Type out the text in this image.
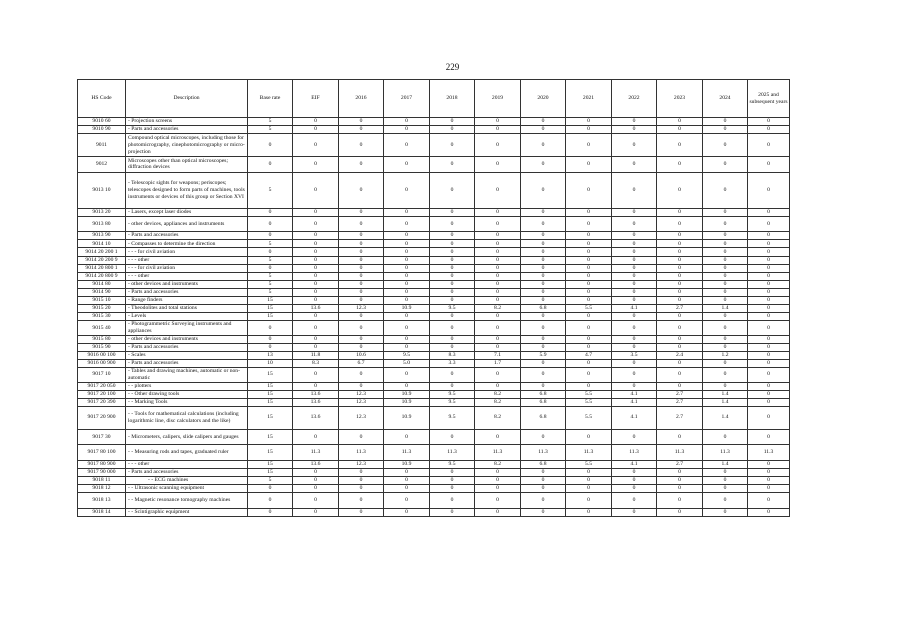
229
HS Code	Description	Base rate	EIF	2016	2017	2018	2019	2020	2021	2022	2023	2024	2025 and subsequent years
9010 60	- Projection screens	5	0	0	0	0	0	0	0	0	0	0	0
9010 90	- Parts and accessories	5	0	0	0	0	0	0	0	0	0	0	0
9011	Compound optical microscopes, including those for photomicrography, cinephotomicrography or micro-projection	0	0	0	0	0	0	0	0	0	0	0	0
9012	Microscopes other than optical microscopes; diffraction devices	0	0	0	0	0	0	0	0	0	0	0	0
9013 10	- Telescopic sights for weapons; periscopes; telescopes designed to form parts of machines, tools instruments or devices of this group or Section XVI	5	0	0	0	0	0	0	0	0	0	0	0
9013 20	- Lasers, except laser diodes	0	0	0	0	0	0	0	0	0	0	0	0
9013 80	- other devices, appliances and instruments	0	0	0	0	0	0	0	0	0	0	0	0
9013 90	- Parts and accessories	0	0	0	0	0	0	0	0	0	0	0	0
9014 10	- Compasses to determine the direction	5	0	0	0	0	0	0	0	0	0	0	0
9014 20 200 1	- - - for civil aviation	0	0	0	0	0	0	0	0	0	0	0	0
9014 20 200 9	- - - other	5	0	0	0	0	0	0	0	0	0	0	0
9014 20 800 1	- - - for civil aviation	0	0	0	0	0	0	0	0	0	0	0	0
9014 20 800 9	- - - other	5	0	0	0	0	0	0	0	0	0	0	0
9014 80	- other devices and instruments	5	0	0	0	0	0	0	0	0	0	0	0
9014 90	- Parts and accessories	5	0	0	0	0	0	0	0	0	0	0	0
9015 10	- Range finders	15	0	0	0	0	0	0	0	0	0	0	0
9015 20	- Theodolites and total stations	15	13.6	12.3	10.9	9.5	8.2	6.8	5.5	4.1	2.7	1.4	0
9015 30	- Levels	15	0	0	0	0	0	0	0	0	0	0	0
9015 40	- Photogrammetric Surveying instruments and appliances	0	0	0	0	0	0	0	0	0	0	0	0
9015 80	- other devices and instruments	0	0	0	0	0	0	0	0	0	0	0	0
9015 90	- Parts and accessories	0	0	0	0	0	0	0	0	0	0	0	0
9016 00 100	- Scales	13	11.8	10.6	9.5	8.3	7.1	5.9	4.7	3.5	2.4	1.2	0
9016 00 900	- Parts and accessories	10	8.3	6.7	5.0	3.3	1.7	0	0	0	0	0	0
9017 10	- Tables and drawing machines, automatic or non-automatic	15	0	0	0	0	0	0	0	0	0	0	0
9017 20 050	- - plotters	15	0	0	0	0	0	0	0	0	0	0	0
9017 20 100	- - Other drawing tools	15	13.6	12.3	10.9	9.5	8.2	6.8	5.5	4.1	2.7	1.4	0
9017 20 390	- - Marking Tools	15	13.6	12.3	10.9	9.5	8.2	6.8	5.5	4.1	2.7	1.4	0
9017 20 900	- - Tools for mathematical calculations (including logarithmic line, disc calculators and the like)	15	13.6	12.3	10.9	9.5	8.2	6.8	5.5	4.1	2.7	1.4	0
9017 30	- Micrometers, calipers, slide calipers and gauges	15	0	0	0	0	0	0	0	0	0	0	0
9017 80 100	- - Measuring rods and tapes, graduated ruler	15	11.3	11.3	11.3	11.3	11.3	11.3	11.3	11.3	11.3	11.3	11.3
9017 80 900	- - - other	15	13.6	12.3	10.9	9.5	8.2	6.8	5.5	4.1	2.7	1.4	0
9017 90 000	- Parts and accessories	15	0	0	0	0	0	0	0	0	0	0	0
9018 11	- - ECG machines	5	0	0	0	0	0	0	0	0	0	0	0
9018 12	- - Ultrasonic scanning equipment	0	0	0	0	0	0	0	0	0	0	0	0
9018 13	- - Magnetic resonance tomography machines	0	0	0	0	0	0	0	0	0	0	0	0
9018 14	- - Scintigraphic equipment	0	0	0	0	0	0	0	0	0	0	0	0
